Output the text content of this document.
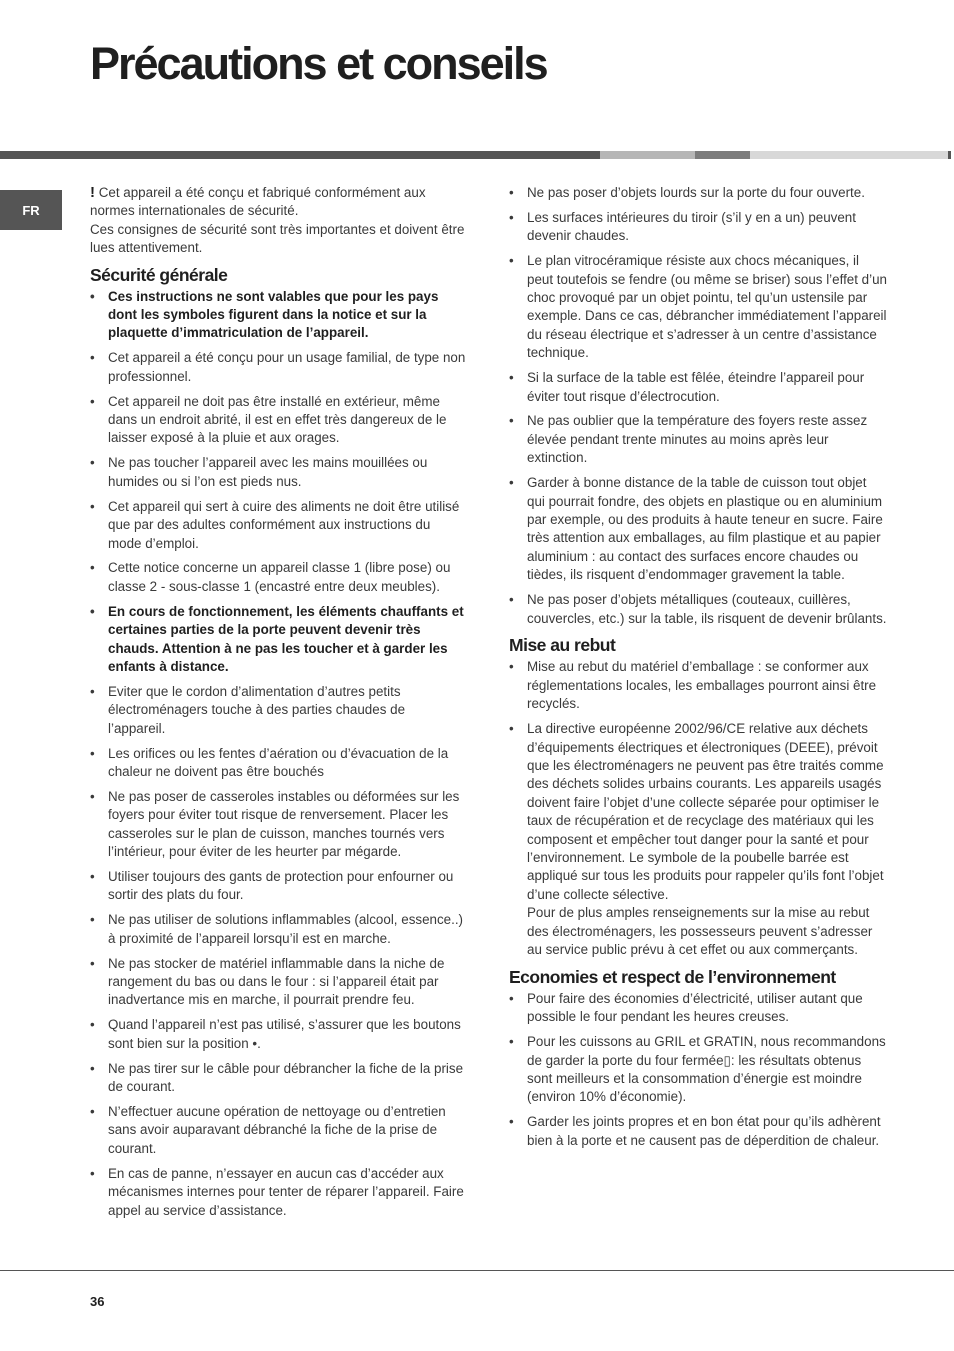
Précautions et conseils
FR

! Cet appareil a été conçu et fabriqué conformément aux normes internationales de sécurité.
Ces consignes de sécurité sont très importantes et doivent être lues attentivement.

Sécurité générale
• Ces instructions ne sont valables que pour les pays dont les symboles figurent dans la notice et sur la plaquette d’immatriculation de l’appareil.
• Cet appareil a été conçu pour un usage familial, de type non professionnel.
• Cet appareil ne doit pas être installé en extérieur, même dans un endroit abrité, il est en effet très dangereux de le laisser exposé à la pluie et aux orages.
• Ne pas toucher l’appareil avec les mains mouillées ou humides ou si l’on est pieds nus.
• Cet appareil qui sert à cuire des aliments ne doit être utilisé que par des adultes conformément aux instructions du mode d’emploi.
• Cette notice concerne un appareil classe 1 (libre pose) ou classe 2 - sous-classe 1 (encastré entre deux meubles).
• En cours de fonctionnement, les éléments chauffants et certaines parties de la porte peuvent devenir très chauds. Attention à ne pas les toucher et à garder les enfants à distance.
• Eviter que le cordon d’alimentation d’autres petits électroménagers touche à des parties chaudes de l’appareil.
• Les orifices ou les fentes d’aération ou d’évacuation de la chaleur ne doivent pas être bouchés
• Ne pas poser de casseroles instables ou déformées sur les foyers pour éviter tout risque de renversement. Placer les casseroles sur le plan de cuisson, manches tournés vers l’intérieur, pour éviter de les heurter par mégarde.
• Utiliser toujours des gants de protection pour enfourner ou sortir des plats du four.
• Ne pas utiliser de solutions inflammables (alcool, essence..) à proximité de l’appareil lorsqu’il est en marche.
• Ne pas stocker de matériel inflammable dans la niche de rangement du bas ou dans le four : si l’appareil était par inadvertance mis en marche, il pourrait prendre feu.
• Quand l’appareil n’est pas utilisé, s’assurer que les boutons sont bien sur la position •.
• Ne pas tirer sur le câble pour débrancher la fiche de la prise de courant.
• N’effectuer aucune opération de nettoyage ou d’entretien sans avoir auparavant débranché la fiche de la prise de courant.
• En cas de panne, n’essayer en aucun cas d’accéder aux mécanismes internes pour tenter de réparer l’appareil. Faire appel au service d’assistance.
• Ne pas poser d’objets lourds sur la porte du four ouverte.
• Les surfaces intérieures du tiroir (s’il y en a un) peuvent devenir chaudes.
• Le plan vitrocéramique résiste aux chocs mécaniques, il peut toutefois se fendre (ou même se briser) sous l’effet d’un choc provoqué par un objet pointu, tel qu’un ustensile par exemple. Dans ce cas, débrancher immédiatement l’appareil du réseau électrique et s’adresser à un centre d’assistance technique.
• Si la surface de la table est fêlée, éteindre l’appareil pour éviter tout risque d’électrocution.
• Ne pas oublier que la température des foyers reste assez élevée pendant trente minutes au moins après leur extinction.
• Garder à bonne distance de la table de cuisson tout objet qui pourrait fondre, des objets en plastique ou en aluminium par exemple, ou des produits à haute teneur en sucre. Faire très attention aux emballages, au film plastique et au papier aluminium : au contact des surfaces encore chaudes ou tièdes, ils risquent d’endommager gravement la table.
• Ne pas poser d’objets métalliques (couteaux, cuillères, couvercles, etc.) sur la table, ils risquent de devenir brûlants.
Mise au rebut
• Mise au rebut du matériel d’emballage : se conformer aux réglementations locales, les emballages pourront ainsi être recyclés.
• La directive européenne 2002/96/CE relative aux déchets d’équipements électriques et électroniques (DEEE), prévoit que les électroménagers ne peuvent pas être traités comme des déchets solides urbains courants. Les appareils usagés doivent faire l’objet d’une collecte séparée pour optimiser le taux de récupération et de recyclage des matériaux qui les composent et empêcher tout danger pour la santé et pour l’environnement. Le symbole de la poubelle barrée est appliqué sur tous les produits pour rappeler qu’ils font l’objet d’une collecte sélective.
Pour de plus amples renseignements sur la mise au rebut des électroménagers, les possesseurs peuvent s’adresser au service public prévu à cet effet ou aux commerçants.
Economies et respect de l’environnement
• Pour faire des économies d’électricité, utiliser autant que possible le four pendant les heures creuses.
• Pour les cuissons au GRIL et GRATIN, nous recommandons de garder la porte du four fermée▯: les résultats obtenus sont meilleurs et la consommation d’énergie est moindre (environ 10% d’économie).
• Garder les joints propres et en bon état pour qu’ils adhèrent bien à la porte et ne causent pas de déperdition de chaleur.
36
